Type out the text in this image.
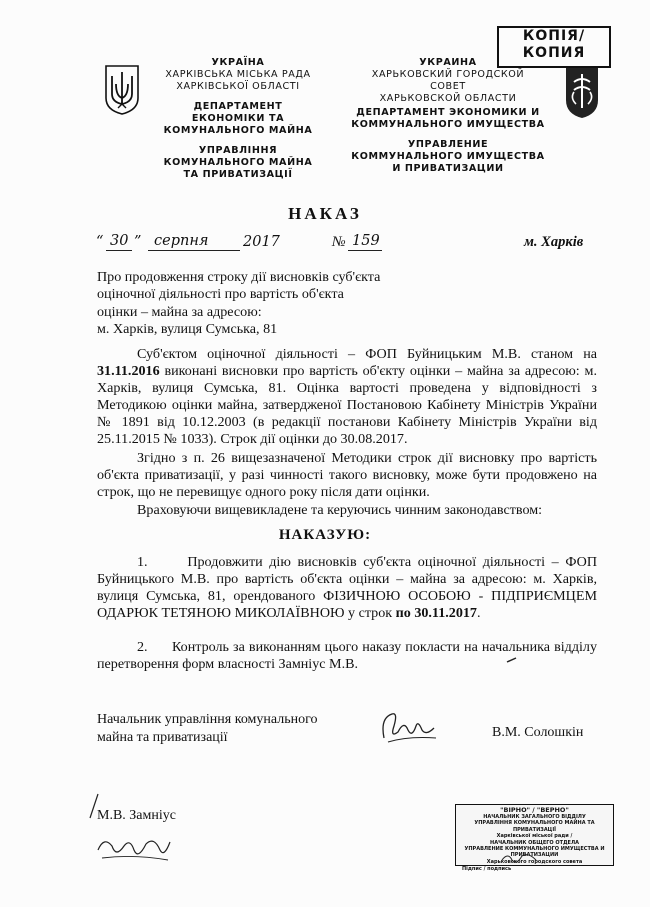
КОПІЯ/
КОПИЯ
УКРАЇНА
ХАРКІВСЬКА МІСЬКА РАДА
ХАРКІВСЬКОЇ ОБЛАСТІ
ДЕПАРТАМЕНТ
ЕКОНОМІКИ ТА
КОМУНАЛЬНОГО МАЙНА
УПРАВЛІННЯ
КОМУНАЛЬНОГО МАЙНА
ТА ПРИВАТИЗАЦІЇ
УКРАИНА
ХАРЬКОВСКИЙ ГОРОДСКОЙ
СОВЕТ
ХАРЬКОВСКОЙ ОБЛАСТИ
ДЕПАРТАМЕНТ ЭКОНОМИКИ И
КОММУНАЛЬНОГО ИМУЩЕСТВА
УПРАВЛЕНИЕ
КОММУНАЛЬНОГО ИМУЩЕСТВА
И ПРИВАТИЗАЦИИ
НАКАЗ
“ 30 ” серпня 2017	№ 159	м. Харків
Про продовження строку дії висновків суб'єкта
оціночної діяльності про вартість об'єкта
оцінки – майна за адресою:
м. Харків, вулиця Сумська, 81
Суб'єктом оціночної діяльності – ФОП Буйницьким М.В. станом на 31.11.2016 виконані висновки про вартість об'єкту оцінки – майна за адресою: м. Харків, вулиця Сумська, 81. Оцінка вартості проведена у відповідності з Методикою оцінки майна, затвердженої Постановою Кабінету Міністрів України № 1891 від 10.12.2003 (в редакції постанови Кабінету Міністрів України від 25.11.2015 № 1033). Строк дії оцінки до 30.08.2017.
Згідно з п. 26 вищезазначеної Методики строк дії висновку про вартість об'єкта приватизації, у разі чинності такого висновку, може бути продовжено на строк, що не перевищує одного року після дати оцінки.
Враховуючи вищевикладене та керуючись чинним законодавством:
НАКАЗУЮ:
1.	Продовжити дію висновків суб'єкта оціночної діяльності – ФОП Буйницького М.В. про вартість об'єкта оцінки – майна за адресою: м. Харків, вулиця Сумська, 81, орендованого ФІЗИЧНОЮ ОСОБОЮ - ПІДПРИЄМЦЕМ ОДАРЮК ТЕТЯНОЮ МИКОЛАЇВНОЮ у строк по 30.11.2017.
2. Контроль за виконанням цього наказу покласти на начальника відділу перетворення форм власності Замніус М.В.
Начальник управління комунального
майна та приватизації	В.М. Солошкін
М.В. Замніус	"ВІРНО" / "ВЕРНО"
НАЧАЛЬНИК ЗАГАЛЬНОГО ВІДДІЛУ
УПРАВЛІННЯ КОМУНАЛЬНОГО МАЙНА ТА ПРИВАТИЗАЦІЇ
Харківської міської ради /
НАЧАЛЬНИК ОБЩЕГО ОТДЕЛА
УПРАВЛЕНИЕ КОММУНАЛЬНОГО ИМУЩЕСТВА И ПРИВАТИЗАЦИИ
Харьковского городского совета
Підпис / подпись
